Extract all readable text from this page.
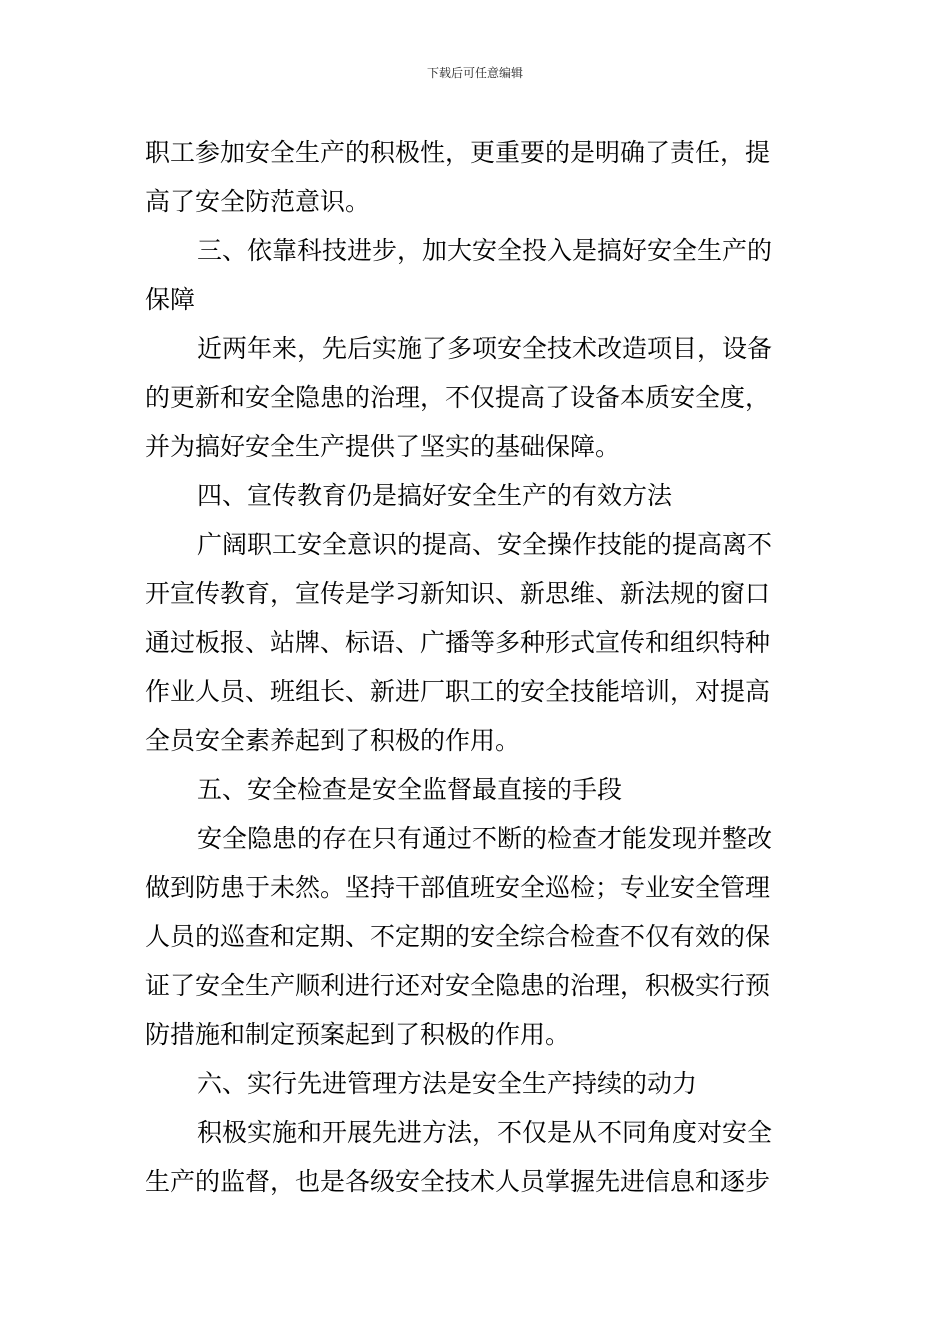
下载后可任意编辑
职工参加安全生产的积极性，更重要的是明确了责任，提
高了安全防范意识。
三、依靠科技进步，加大安全投入是搞好安全生产的
保障
近两年来，先后实施了多项安全技术改造项目，设备
的更新和安全隐患的治理，不仅提高了设备本质安全度，
并为搞好安全生产提供了坚实的基础保障。
四、宣传教育仍是搞好安全生产的有效方法
广阔职工安全意识的提高、安全操作技能的提高离不
开宣传教育，宣传是学习新知识、新思维、新法规的窗口
通过板报、站牌、标语、广播等多种形式宣传和组织特种
作业人员、班组长、新进厂职工的安全技能培训，对提高
全员安全素养起到了积极的作用。
五、安全检查是安全监督最直接的手段
安全隐患的存在只有通过不断的检查才能发现并整改
做到防患于未然。坚持干部值班安全巡检；专业安全管理
人员的巡查和定期、不定期的安全综合检查不仅有效的保
证了安全生产顺利进行还对安全隐患的治理，积极实行预
防措施和制定预案起到了积极的作用。
六、实行先进管理方法是安全生产持续的动力
积极实施和开展先进方法，不仅是从不同角度对安全
生产的监督，也是各级安全技术人员掌握先进信息和逐步
